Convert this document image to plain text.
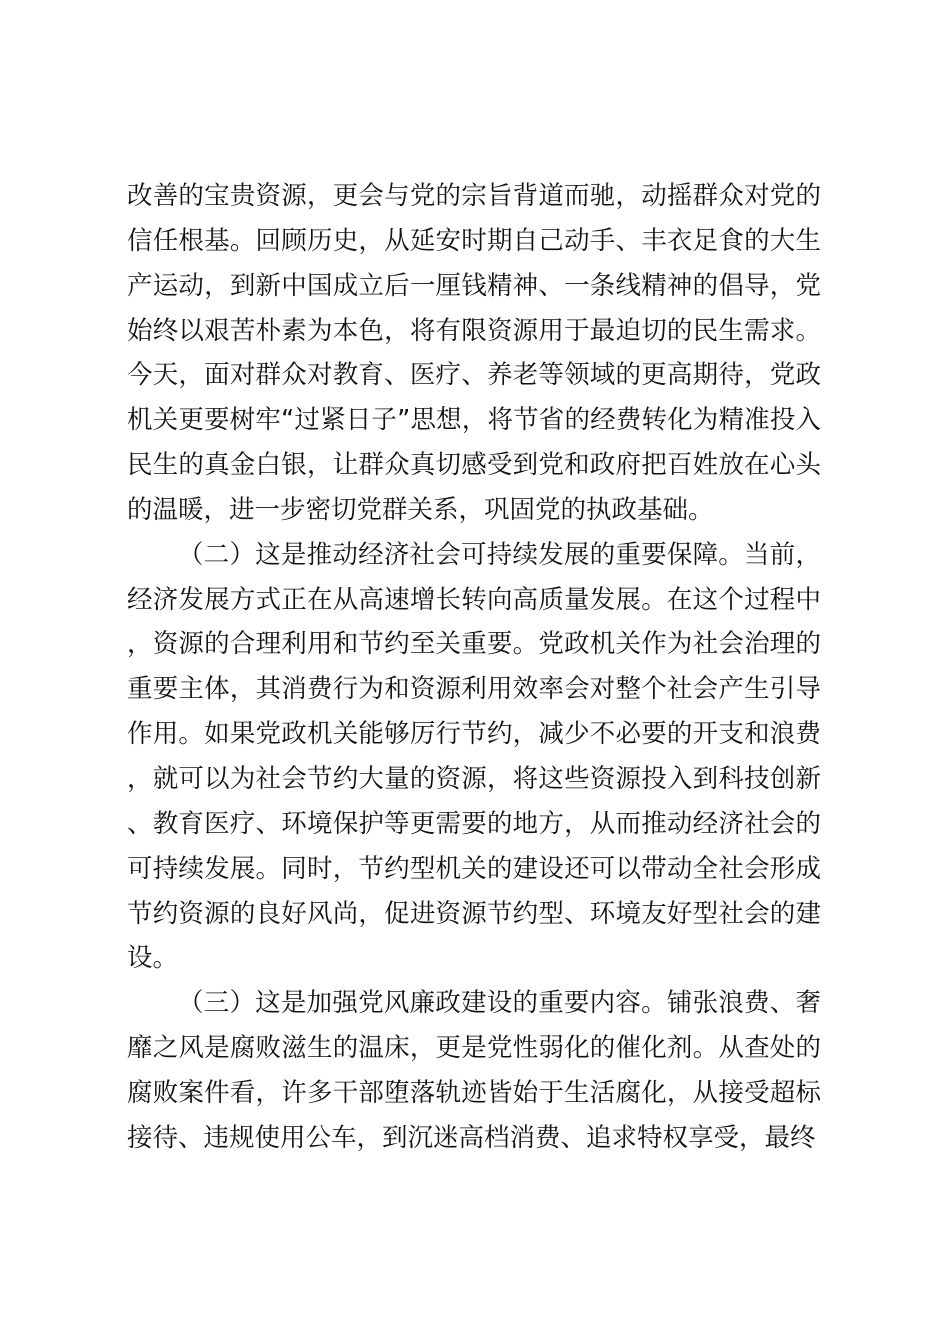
改善的宝贵资源，更会与党的宗旨背道而驰，动摇群众对党的信任根基。回顾历史，从延安时期自己动手、丰衣足食的大生产运动，到新中国成立后一厘钱精神、一条线精神的倡导，党始终以艰苦朴素为本色，将有限资源用于最迫切的民生需求。今天，面对群众对教育、医疗、养老等领域的更高期待，党政机关更要树牢“过紧日子”思想，将节省的经费转化为精准投入民生的真金白银，让群众真切感受到党和政府把百姓放在心头的温暖，进一步密切党群关系，巩固党的执政基础。

（二）这是推动经济社会可持续发展的重要保障。当前，经济发展方式正在从高速增长转向高质量发展。在这个过程中，资源的合理利用和节约至关重要。党政机关作为社会治理的重要主体，其消费行为和资源利用效率会对整个社会产生引导作用。如果党政机关能够厉行节约，减少不必要的开支和浪费，就可以为社会节约大量的资源，将这些资源投入到科技创新、教育医疗、环境保护等更需要的地方，从而推动经济社会的可持续发展。同时，节约型机关的建设还可以带动全社会形成节约资源的良好风尚，促进资源节约型、环境友好型社会的建设。

（三）这是加强党风廉政建设的重要内容。铺张浪费、奢靡之风是腐败滋生的温床，更是党性弱化的催化剂。从查处的腐败案件看，许多干部堕落轨迹皆始于生活腐化，从接受超标接待、违规使用公车，到沉迷高档消费、追求特权享受，最终
